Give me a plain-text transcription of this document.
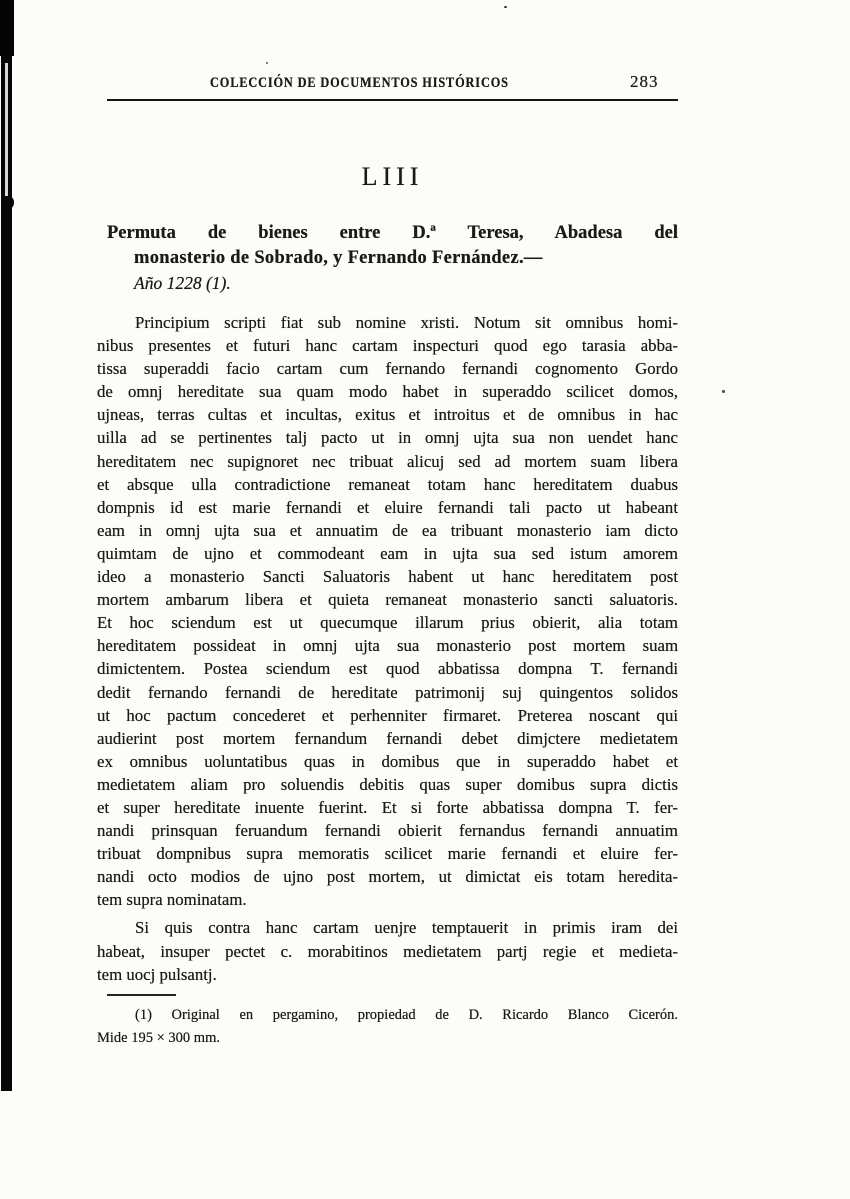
COLECCIÓN DE DOCUMENTOS HISTÓRICOS	283
LIII
Permuta de bienes entre D.ª Teresa, Abadesa del
monasterio de Sobrado, y Fernando Fernández.—
Año 1228 (1).
Principium scripti fiat sub nomine xristi. Notum sit omnibus homi-
nibus presentes et futuri hanc cartam inspecturi quod ego tarasia abba-
tissa superaddi facio cartam cum fernando fernandi cognomento Gordo
de omnj hereditate sua quam modo habet in superaddo scilicet domos,
ujneas, terras cultas et incultas, exitus et introitus et de omnibus in hac
uilla ad se pertinentes talj pacto ut in omnj ujta sua non uendet hanc
hereditatem nec supignoret nec tribuat alicuj sed ad mortem suam libera
et absque ulla contradictione remaneat totam hanc hereditatem duabus
dompnis id est marie fernandi et eluire fernandi tali pacto ut habeant
eam in omnj ujta sua et annuatim de ea tribuant monasterio iam dicto
quimtam de ujno et commodeant eam in ujta sua sed istum amorem
ideo a monasterio Sancti Saluatoris habent ut hanc hereditatem post
mortem ambarum libera et quieta remaneat monasterio sancti saluatoris.
Et hoc sciendum est ut quecumque illarum prius obierit, alia totam
hereditatem possideat in omnj ujta sua monasterio post mortem suam
dimictentem. Postea sciendum est quod abbatissa dompna T. fernandi
dedit fernando fernandi de hereditate patrimonij suj quingentos solidos
ut hoc pactum concederet et perhenniter firmaret. Preterea noscant qui
audierint post mortem fernandum fernandi debet dimjctere medietatem
ex omnibus uoluntatibus quas in domibus que in superaddo habet et
medietatem aliam pro soluendis debitis quas super domibus supra dictis
et super hereditate inuente fuerint. Et si forte abbatissa dompna T. fer-
nandi prinsquan feruandum fernandi obierit fernandus fernandi annuatim
tribuat dompnibus supra memoratis scilicet marie fernandi et eluire fer-
nandi octo modios de ujno post mortem, ut dimictat eis totam heredita-
tem supra nominatam.
Si quis contra hanc cartam uenjre temptauerit in primis iram dei
habeat, insuper pectet c. morabitinos medietatem partj regie et medieta-
tem uocj pulsantj.
(1) Original en pergamino, propiedad de D. Ricardo Blanco Cicerón.
Mide 195 × 300 mm.
